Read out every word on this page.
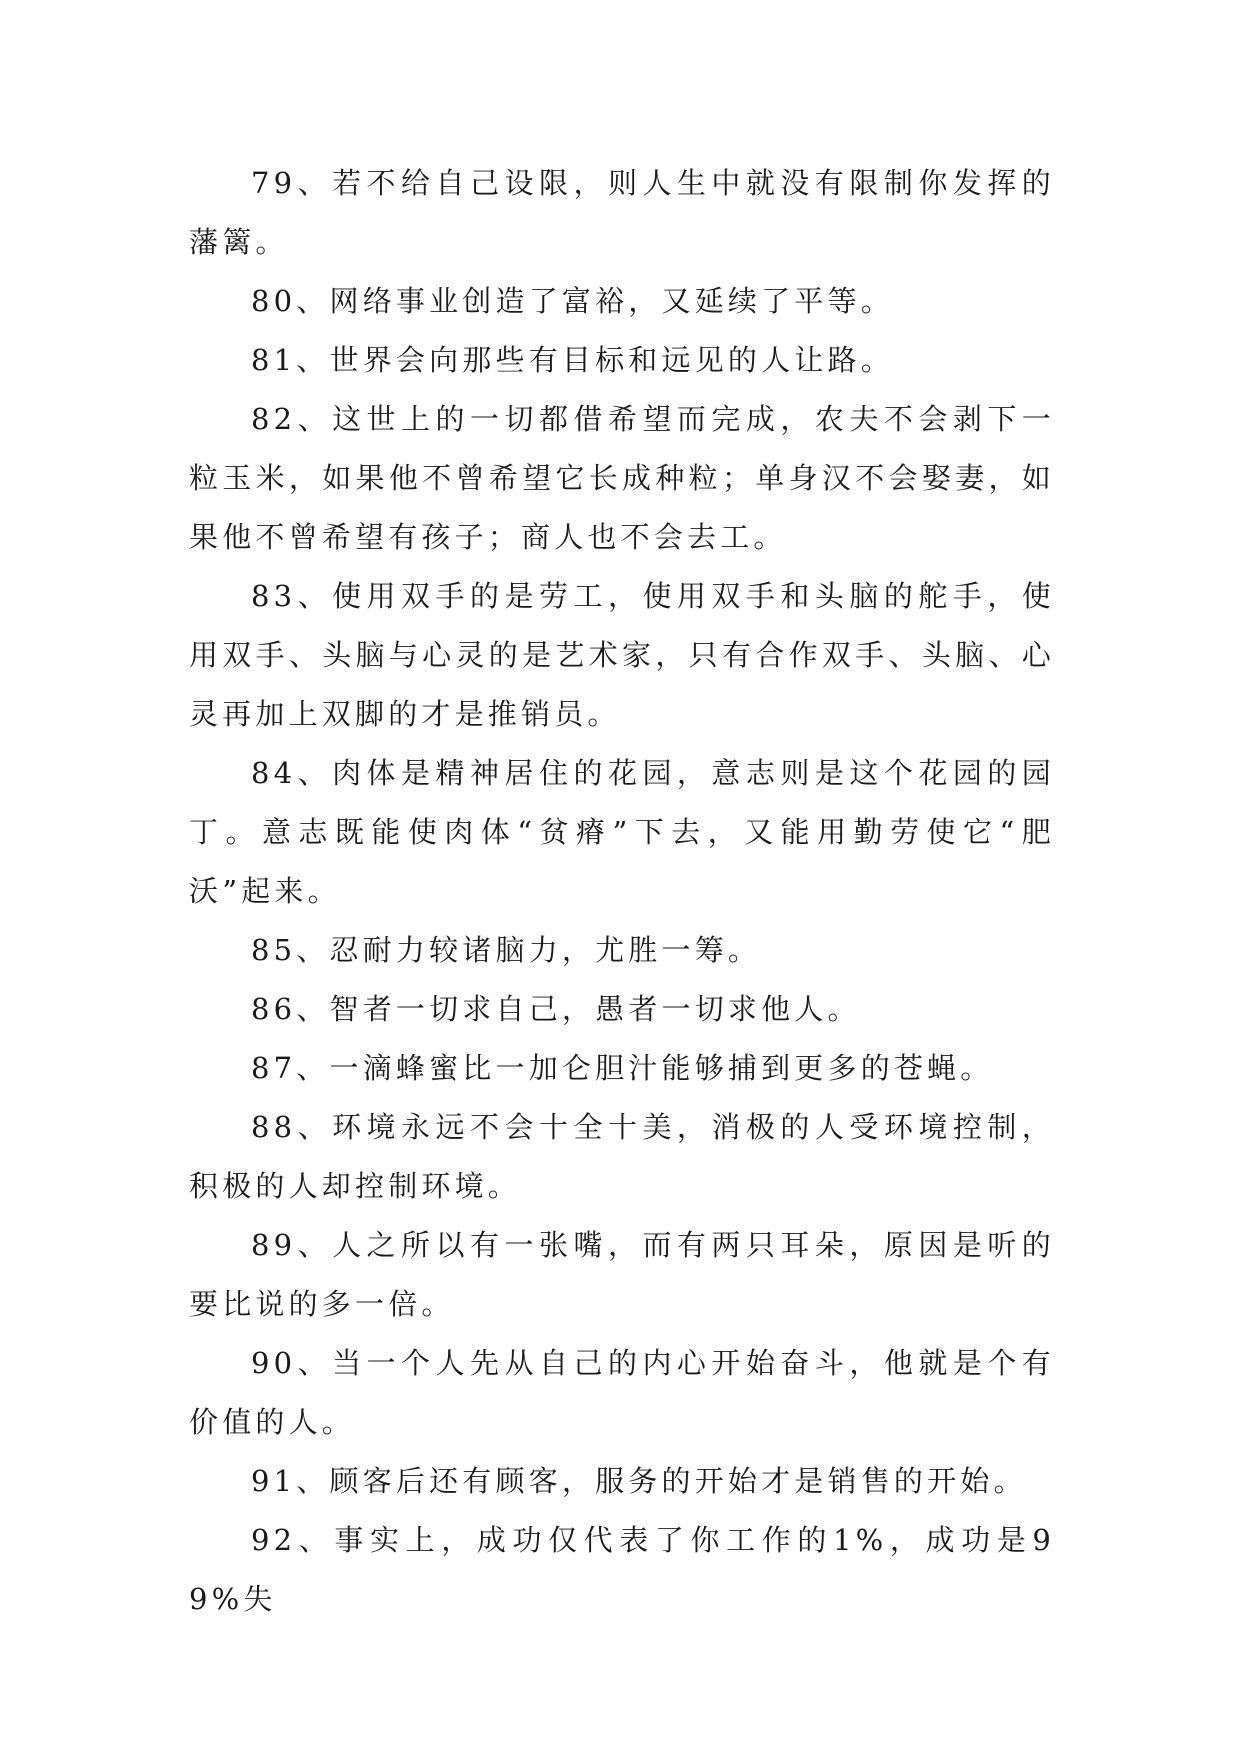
79、若不给自己设限，则人生中就没有限制你发挥的藩篱。

80、网络事业创造了富裕，又延续了平等。

81、世界会向那些有目标和远见的人让路。

82、这世上的一切都借希望而完成，农夫不会剥下一粒玉米，如果他不曾希望它长成种粒；单身汉不会娶妻，如果他不曾希望有孩子；商人也不会去工。

83、使用双手的是劳工，使用双手和头脑的舵手，使用双手、头脑与心灵的是艺术家，只有合作双手、头脑、心灵再加上双脚的才是推销员。

84、肉体是精神居住的花园，意志则是这个花园的园丁。意志既能使肉体“贫瘠”下去，又能用勤劳使它“肥沃”起来。

85、忍耐力较诸脑力，尤胜一筹。

86、智者一切求自己，愚者一切求他人。

87、一滴蜂蜜比一加仑胆汁能够捕到更多的苍蝇。

88、环境永远不会十全十美，消极的人受环境控制，积极的人却控制环境。

89、人之所以有一张嘴，而有两只耳朵，原因是听的要比说的多一倍。

90、当一个人先从自己的内心开始奋斗，他就是个有价值的人。

91、顾客后还有顾客，服务的开始才是销售的开始。

92、事实上，成功仅代表了你工作的1%，成功是99%失
